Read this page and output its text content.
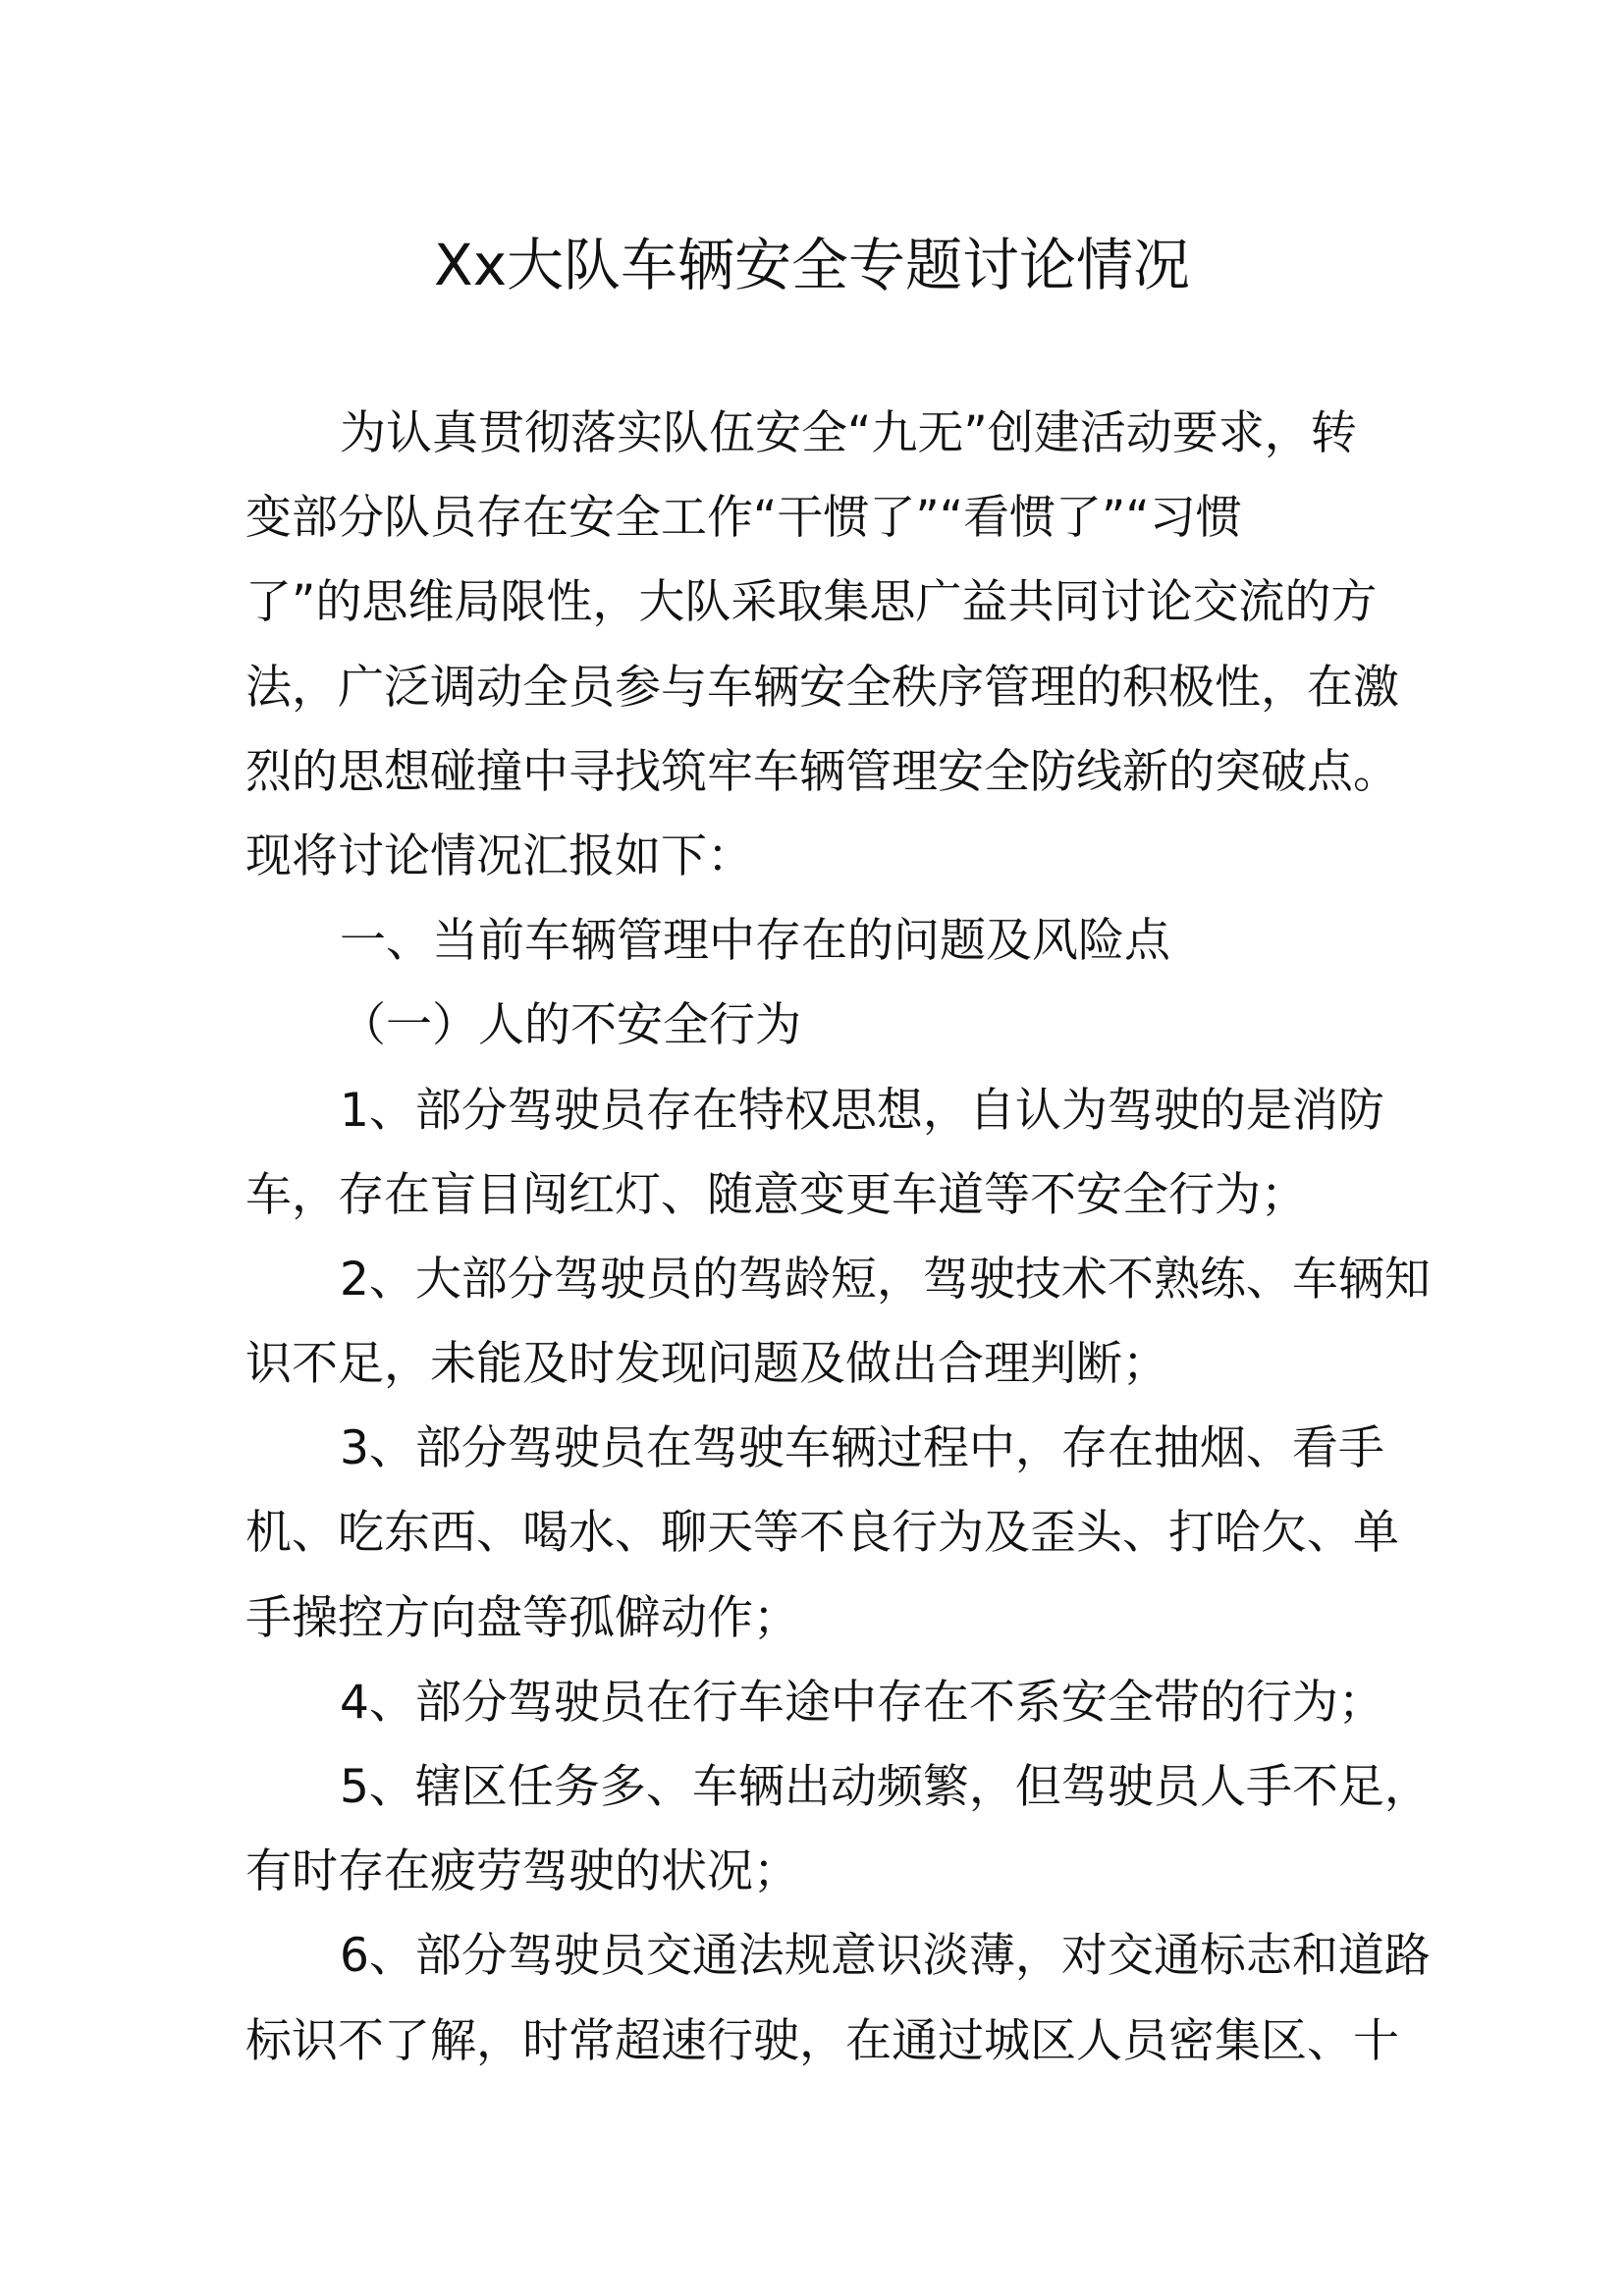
Xx大队车辆安全专题讨论情况
为认真贯彻落实队伍安全“九无”创建活动要求，转
变部分队员存在安全工作“干惯了”“看惯了”“习惯
了”的思维局限性，大队采取集思广益共同讨论交流的方
法，广泛调动全员参与车辆安全秩序管理的积极性，在激
烈的思想碰撞中寻找筑牢车辆管理安全防线新的突破点。
现将讨论情况汇报如下：
一、当前车辆管理中存在的问题及风险点
（一）人的不安全行为
1、部分驾驶员存在特权思想，自认为驾驶的是消防
车，存在盲目闯红灯、随意变更车道等不安全行为；
2、大部分驾驶员的驾龄短，驾驶技术不熟练、车辆知
识不足，未能及时发现问题及做出合理判断；
3、部分驾驶员在驾驶车辆过程中，存在抽烟、看手
机、吃东西、喝水、聊天等不良行为及歪头、打哈欠、单
手操控方向盘等孤僻动作；
4、部分驾驶员在行车途中存在不系安全带的行为；
5、辖区任务多、车辆出动频繁，但驾驶员人手不足，
有时存在疲劳驾驶的状况；
6、部分驾驶员交通法规意识淡薄，对交通标志和道路
标识不了解，时常超速行驶，在通过城区人员密集区、十
